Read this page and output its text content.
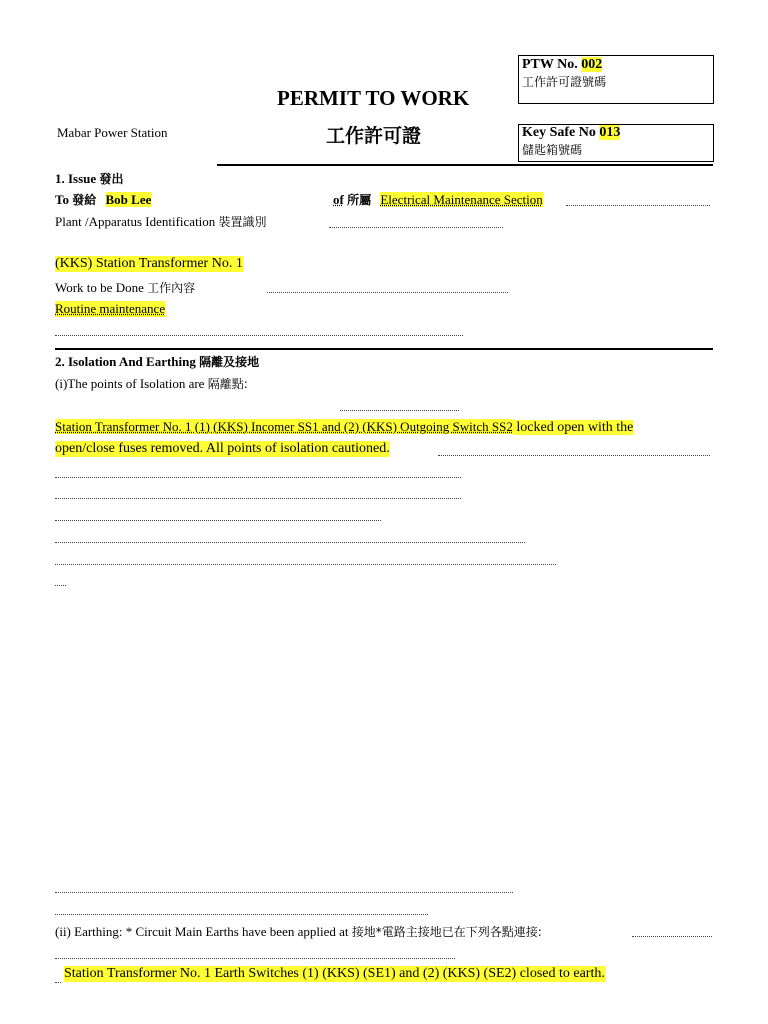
PERMIT TO WORK
工作許可證
Mabar Power Station
PTW No. 002
工作許可證號碼
Key Safe No 013
儲匙箱號碼
1. Issue 發出
To 發給 Bob Lee	of 所屬 Electrical Maintenance Section
Plant /Apparatus Identification 裝置識別
(KKS) Station Transformer No. 1
Work to be Done 工作內容
Routine maintenance
2. Isolation And Earthing 隔離及接地
(i)The points of Isolation are 隔離點:
Station Transformer No. 1 (1) (KKS) Incomer SS1 and (2) (KKS) Outgoing Switch SS2 locked open with the
open/close fuses removed. All points of isolation cautioned.
(ii) Earthing: * Circuit Main Earths have been applied at 接地*電路主接地已在下列各點連接:
Station Transformer No. 1 Earth Switches (1) (KKS) (SE1) and (2) (KKS) (SE2) closed to earth.
